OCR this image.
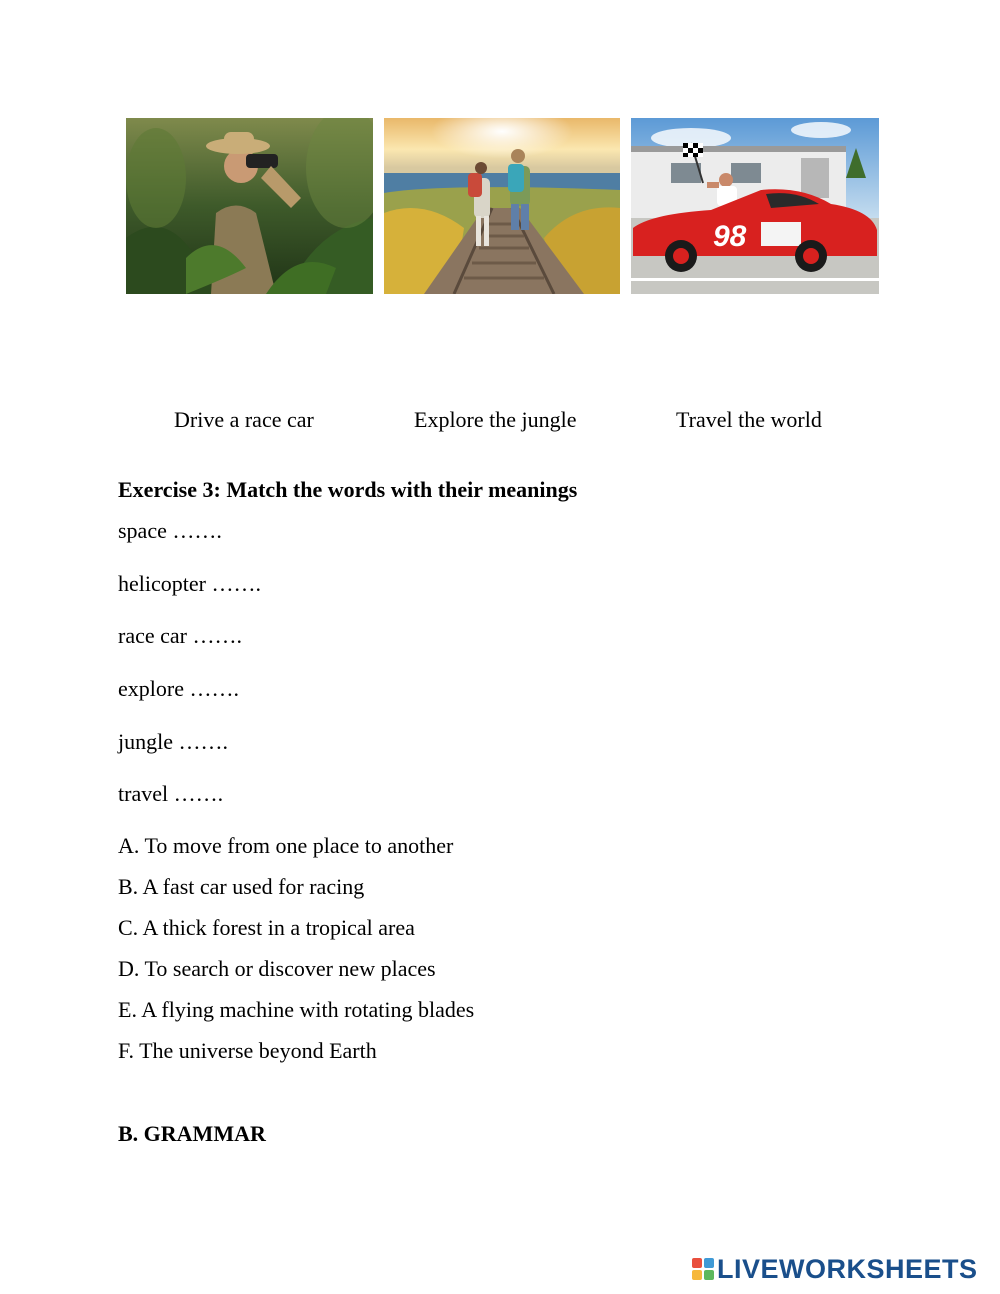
98
Drive a race car	Explore the jungle	Travel the world
Exercise 3: Match the words with their meanings
space …….
helicopter …….
race car …….
explore …….
jungle …….
travel …….
A. To move from one place to another
B. A fast car used for racing
C. A thick forest in a tropical area
D. To search or discover new places
E. A flying machine with rotating blades
F. The universe beyond Earth
B. GRAMMAR
LIVEWORKSHEETS
